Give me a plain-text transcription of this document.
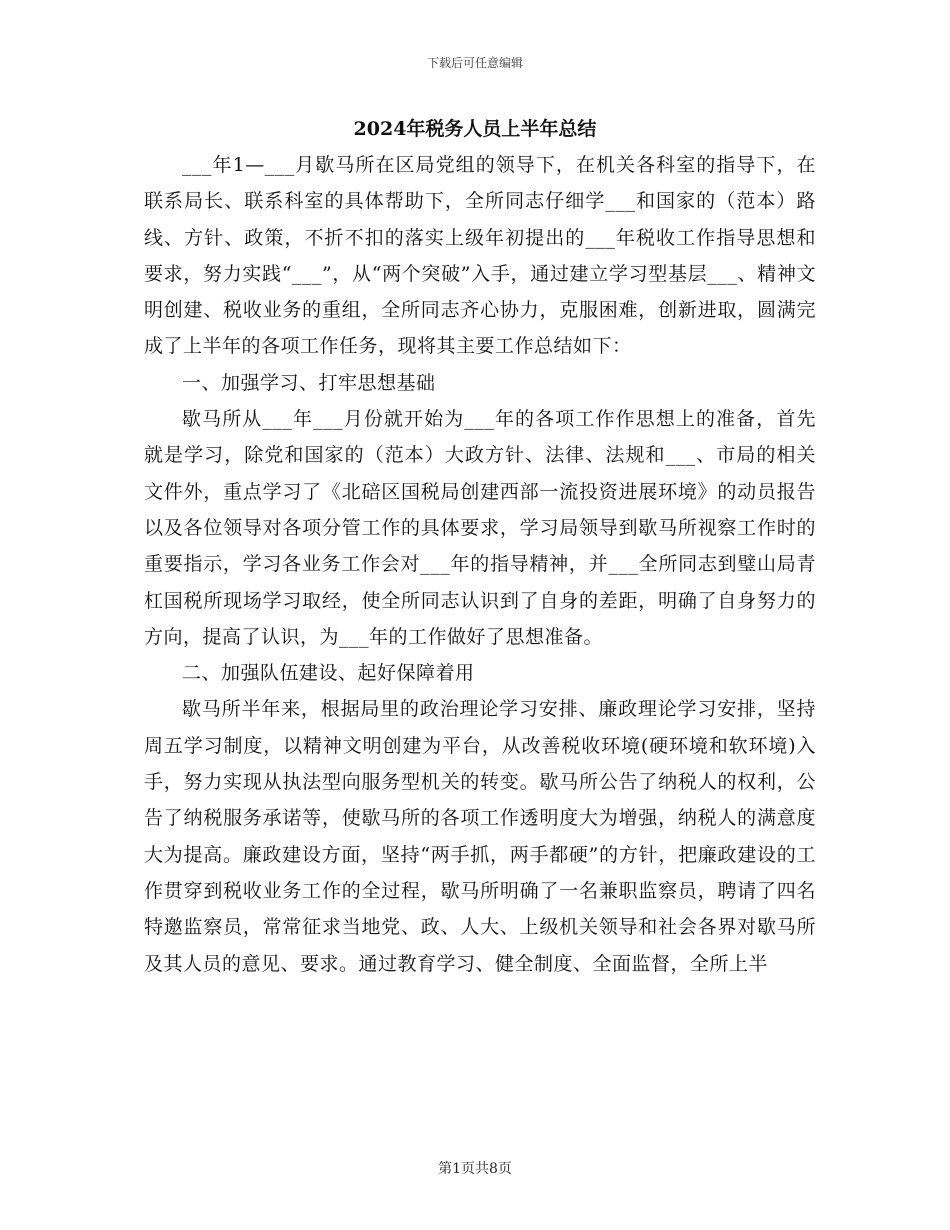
下载后可任意编辑
2024年税务人员上半年总结

___年1—___月歇马所在区局党组的领导下，在机关各科室的指导下，在联系局长、联系科室的具体帮助下，全所同志仔细学___和国家的（范本）路线、方针、政策，不折不扣的落实上级年初提出的___年税收工作指导思想和要求，努力实践“___”，从“两个突破”入手，通过建立学习型基层___、精神文明创建、税收业务的重组，全所同志齐心协力，克服困难，创新进取，圆满完成了上半年的各项工作任务，现将其主要工作总结如下：

一、加强学习、打牢思想基础

歇马所从___年___月份就开始为___年的各项工作作思想上的准备，首先就是学习，除党和国家的（范本）大政方针、法律、法规和___、市局的相关文件外，重点学习了《北碚区国税局创建西部一流投资进展环境》的动员报告以及各位领导对各项分管工作的具体要求，学习局领导到歇马所视察工作时的重要指示，学习各业务工作会对___年的指导精神，并___全所同志到璧山局青杠国税所现场学习取经，使全所同志认识到了自身的差距，明确了自身努力的方向，提高了认识，为___年的工作做好了思想准备。

二、加强队伍建设、起好保障着用

歇马所半年来，根据局里的政治理论学习安排、廉政理论学习安排，坚持周五学习制度，以精神文明创建为平台，从改善税收环境(硬环境和软环境)入手，努力实现从执法型向服务型机关的转变。歇马所公告了纳税人的权利，公告了纳税服务承诺等，使歇马所的各项工作透明度大为增强，纳税人的满意度大为提高。廉政建设方面，坚持“两手抓，两手都硬”的方针，把廉政建设的工作贯穿到税收业务工作的全过程，歇马所明确了一名兼职监察员，聘请了四名特邀监察员，常常征求当地党、政、人大、上级机关领导和社会各界对歇马所及其人员的意见、要求。通过教育学习、健全制度、全面监督，全所上半

第1页共8页
